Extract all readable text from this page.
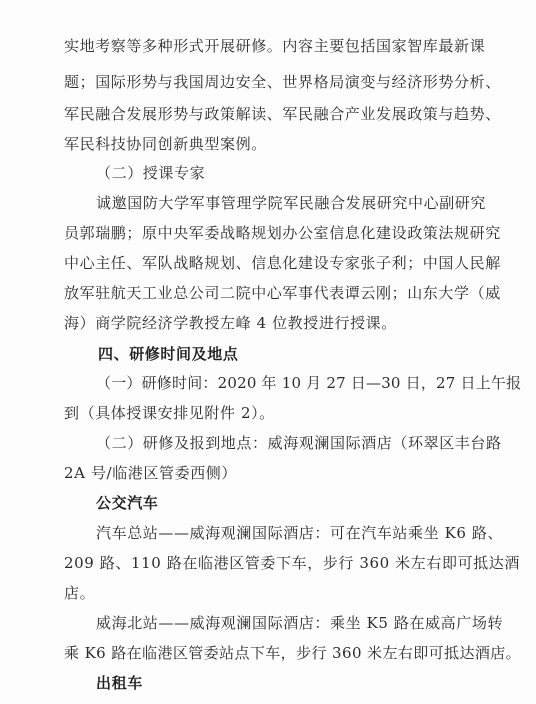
实地考察等多种形式开展研修。内容主要包括国家智库最新课
题；国际形势与我国周边安全、世界格局演变与经济形势分析、
军民融合发展形势与政策解读、军民融合产业发展政策与趋势、
军民科技协同创新典型案例。
（二）授课专家
诚邀国防大学军事管理学院军民融合发展研究中心副研究
员郭瑞鹏；原中央军委战略规划办公室信息化建设政策法规研究
中心主任、军队战略规划、信息化建设专家张子利；中国人民解
放军驻航天工业总公司二院中心军事代表谭云刚；山东大学（威
海）商学院经济学教授左峰 4 位教授进行授课。
四、研修时间及地点
（一）研修时间：2020 年 10 月 27 日—30 日，27 日上午报
到（具体授课安排见附件 2）。
（二）研修及报到地点：威海观澜国际酒店（环翠区丰台路
2A 号/临港区管委西侧）
公交汽车
汽车总站——威海观澜国际酒店：可在汽车站乘坐 K6 路、
209 路、110 路在临港区管委下车，步行 360 米左右即可抵达酒
店。
威海北站——威海观澜国际酒店：乘坐 K5 路在威高广场转
乘 K6 路在临港区管委站点下车，步行 360 米左右即可抵达酒店。
出租车
